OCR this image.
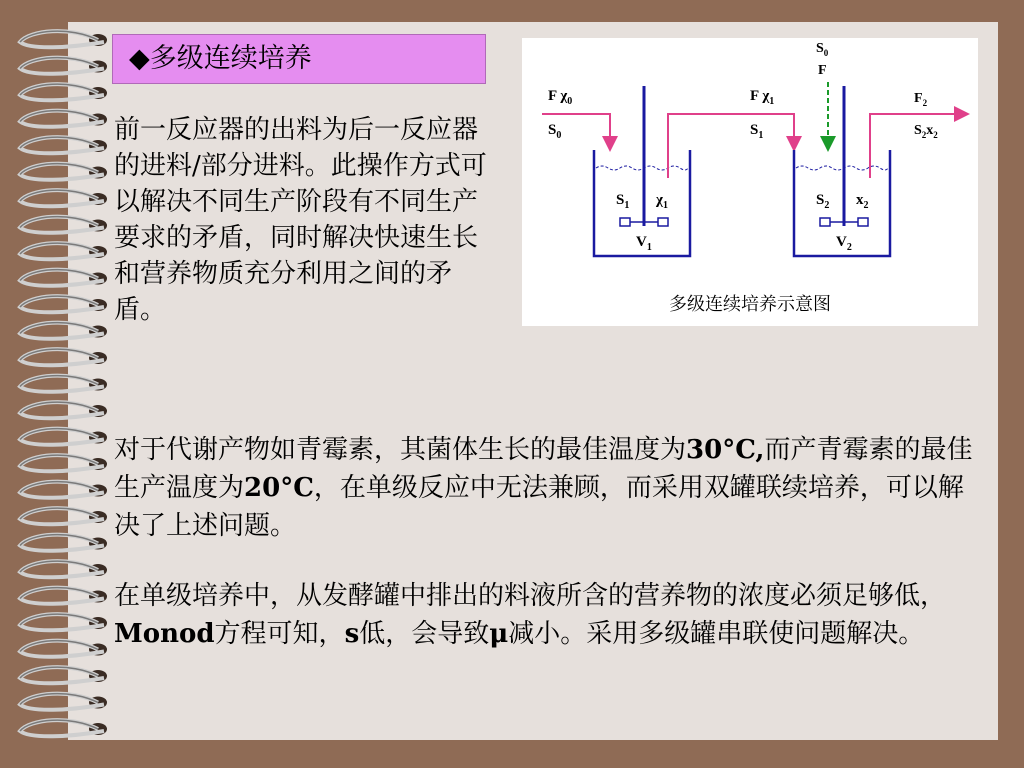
◆多级连续培养
前一反应器的出料为后一反应器的进料/部分进料。此操作方式可以解决不同生产阶段有不同生产要求的矛盾，同时解决快速生长和营养物质充分利用之间的矛盾。
对于代谢产物如青霉素，其菌体生长的最佳温度为30°C,而产青霉素的最佳生产温度为20°C，在单级反应中无法兼顾，而采用双罐联续培养，可以解决了上述问题。
在单级培养中，从发酵罐中排出的料液所含的营养物的浓度必须足够低，Monod方程可知，s低，会导致μ减小。采用多级罐串联使问题解决。
F $\chi_0$
$S_0$
$S_1$ $\chi_1$
$V_1$
F $\chi_1$
$S_1$
$S_0$
F
$S_2$ $x_2$
$V_2$
$F_2$
$S_2x_2$
多级连续培养示意图
